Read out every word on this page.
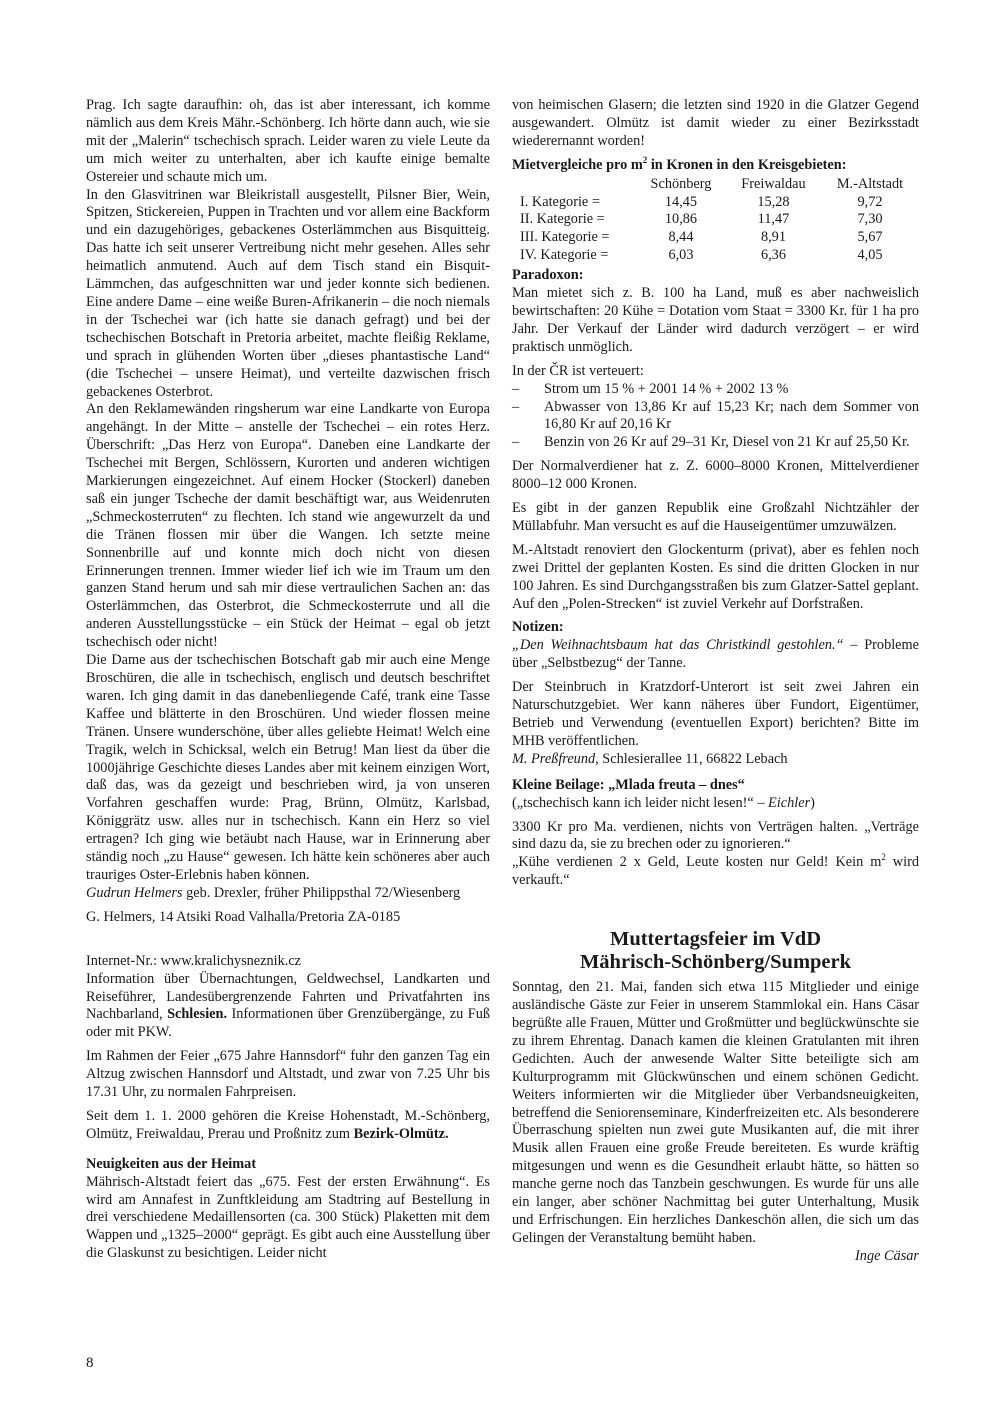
Prag. Ich sagte daraufhin: oh, das ist aber interessant, ich komme nämlich aus dem Kreis Mähr.-Schönberg. Ich hörte dann auch, wie sie mit der „Malerin“ tschechisch sprach. Leider waren zu viele Leute da um mich weiter zu unterhalten, aber ich kaufte einige bemalte Ostereier und schaute mich um.

In den Glasvitrinen war Bleikristall ausgestellt, Pilsner Bier, Wein, Spitzen, Stickereien, Puppen in Trachten und vor allem eine Backform und ein dazugehöriges, gebackenes Osterlämmchen aus Bisquitteig. Das hatte ich seit unserer Vertreibung nicht mehr gesehen. Alles sehr heimatlich anmutend. Auch auf dem Tisch stand ein Bisquit-Lämmchen, das aufgeschnitten war und jeder konnte sich bedienen. Eine andere Dame – eine weiße Buren-Afrikanerin – die noch niemals in der Tschechei war (ich hatte sie danach gefragt) und bei der tschechischen Botschaft in Pretoria arbeitet, machte fleißig Reklame, und sprach in glühenden Worten über „dieses phantastische Land“ (die Tschechei – unsere Heimat), und verteilte dazwischen frisch gebackenes Osterbrot.

An den Reklamewänden ringsherum war eine Landkarte von Europa angehängt. In der Mitte – anstelle der Tschechei – ein rotes Herz. Überschrift: „Das Herz von Europa“. Daneben eine Landkarte der Tschechei mit Bergen, Schlössern, Kurorten und anderen wichtigen Markierungen eingezeichnet. Auf einem Hocker (Stockerl) daneben saß ein junger Tscheche der damit beschäftigt war, aus Weidenruten „Schmeckosterruten“ zu flechten. Ich stand wie angewurzelt da und die Tränen flossen mir über die Wangen. Ich setzte meine Sonnenbrille auf und konnte mich doch nicht von diesen Erinnerungen trennen. Immer wieder lief ich wie im Traum um den ganzen Stand herum und sah mir diese vertraulichen Sachen an: das Osterlämmchen, das Osterbrot, die Schmeckosterrute und all die anderen Ausstellungsstücke – ein Stück der Heimat – egal ob jetzt tschechisch oder nicht!

Die Dame aus der tschechischen Botschaft gab mir auch eine Menge Broschüren, die alle in tschechisch, englisch und deutsch beschriftet waren. Ich ging damit in das danebenliegende Café, trank eine Tasse Kaffee und blätterte in den Broschüren. Und wieder flossen meine Tränen. Unsere wunderschöne, über alles geliebte Heimat! Welch eine Tragik, welch in Schicksal, welch ein Betrug! Man liest da über die 1000jährige Geschichte dieses Landes aber mit keinem einzigen Wort, daß das, was da gezeigt und beschrieben wird, ja von unseren Vorfahren geschaffen wurde: Prag, Brünn, Olmütz, Karlsbad, Königgrätz usw. alles nur in tschechisch. Kann ein Herz so viel ertragen? Ich ging wie betäubt nach Hause, war in Erinnerung aber ständig noch „zu Hause“ gewesen. Ich hätte kein schöneres aber auch trauriges Oster-Erlebnis haben können.

Gudrun Helmers geb. Drexler, früher Philippsthal 72/Wiesenberg

G. Helmers, 14 Atsiki Road Valhalla/Pretoria ZA-0185

Internet-Nr.: www.kralichysneznik.cz

Information über Übernachtungen, Geldwechsel, Landkarten und Reiseführer, Landesübergrenzende Fahrten und Privatfahrten ins Nachbarland, Schlesien. Informationen über Grenzübergänge, zu Fuß oder mit PKW.

Im Rahmen der Feier „675 Jahre Hannsdorf“ fuhr den ganzen Tag ein Altzug zwischen Hannsdorf und Altstadt, und zwar von 7.25 Uhr bis 17.31 Uhr, zu normalen Fahrpreisen.

Seit dem 1. 1. 2000 gehören die Kreise Hohenstadt, M.-Schönberg, Olmütz, Freiwaldau, Prerau und Proßnitz zum Bezirk-Olmütz.

Neuigkeiten aus der Heimat

Mährisch-Altstadt feiert das „675. Fest der ersten Erwähnung“. Es wird am Annafest in Zunftkleidung am Stadtring auf Bestellung in drei verschiedene Medaillensorten (ca. 300 Stück) Plaketten mit dem Wappen und „1325–2000“ geprägt. Es gibt auch eine Ausstellung über die Glaskunst zu besichtigen. Leider nicht

von heimischen Glasern; die letzten sind 1920 in die Glatzer Gegend ausgewandert. Olmütz ist damit wieder zu einer Bezirksstadt wiederernannt worden!

Mietvergleiche pro $m^2$ in Kronen in den Kreisgebieten:

	Schönberg	Freiwaldau	M.-Altstadt
I. Kategorie =	14,45	15,28	9,72
II. Kategorie =	10,86	11,47	7,30
III. Kategorie =	8,44	8,91	5,67
IV. Kategorie =	6,03	6,36	4,05

Paradoxon:

Man mietet sich z. B. 100 ha Land, muß es aber nachweislich bewirtschaften: 20 Kühe = Dotation vom Staat = 3300 Kr. für 1 ha pro Jahr. Der Verkauf der Länder wird dadurch verzögert – er wird praktisch unmöglich.

In der ČR ist verteuert:

– Strom um 15 % + 2001 14 % + 2002 13 %
– Abwasser von 13,86 Kr auf 15,23 Kr; nach dem Sommer von 16,80 Kr auf 20,16 Kr
– Benzin von 26 Kr auf 29–31 Kr, Diesel von 21 Kr auf 25,50 Kr.

Der Normalverdiener hat z. Z. 6000–8000 Kronen, Mittelverdiener 8000–12 000 Kronen.

Es gibt in der ganzen Republik eine Großzahl Nichtzähler der Müllabfuhr. Man versucht es auf die Hauseigentümer umzuwälzen.

M.-Altstadt renoviert den Glockenturm (privat), aber es fehlen noch zwei Drittel der geplanten Kosten. Es sind die dritten Glocken in nur 100 Jahren. Es sind Durchgangsstraßen bis zum Glatzer-Sattel geplant. Auf den „Polen-Strecken“ ist zuviel Verkehr auf Dorfstraßen.

Notizen:

„Den Weihnachtsbaum hat das Christkindl gestohlen.“ – Probleme über „Selbstbezug“ der Tanne.

Der Steinbruch in Kratzdorf-Unterort ist seit zwei Jahren ein Naturschutzgebiet. Wer kann näheres über Fundort, Eigentümer, Betrieb und Verwendung (eventuellen Export) berichten? Bitte im MHB veröffentlichen.

M. Preßfreund, Schlesierallee 11, 66822 Lebach

Kleine Beilage: „Mlada freuta – dnes“

(„tschechisch kann ich leider nicht lesen!“ – Eichler)

3300 Kr pro Ma. verdienen, nichts von Verträgen halten. „Verträge sind dazu da, sie zu brechen oder zu ignorieren.“

„Kühe verdienen 2 x Geld, Leute kosten nur Geld! Kein $m^2$ wird verkauft.“

Muttertagsfeier im VdD
Mährisch-Schönberg/Sumperk

Sonntag, den 21. Mai, fanden sich etwa 115 Mitglieder und einige ausländische Gäste zur Feier in unserem Stammlokal ein. Hans Cäsar begrüßte alle Frauen, Mütter und Großmütter und beglückwünschte sie zu ihrem Ehrentag. Danach kamen die kleinen Gratulanten mit ihren Gedichten. Auch der anwesende Walter Sitte beteiligte sich am Kulturprogramm mit Glückwünschen und einem schönen Gedicht. Weiters informierten wir die Mitglieder über Verbandsneuigkeiten, betreffend die Seniorenseminare, Kinderfreizeiten etc. Als besonderere Überraschung spielten nun zwei gute Musikanten auf, die mit ihrer Musik allen Frauen eine große Freude bereiteten. Es wurde kräftig mitgesungen und wenn es die Gesundheit erlaubt hätte, so hätten so manche gerne noch das Tanzbein geschwungen. Es wurde für uns alle ein langer, aber schöner Nachmittag bei guter Unterhaltung, Musik und Erfrischungen. Ein herzliches Dankeschön allen, die sich um das Gelingen der Veranstaltung bemüht haben.

Inge Cäsar

8
